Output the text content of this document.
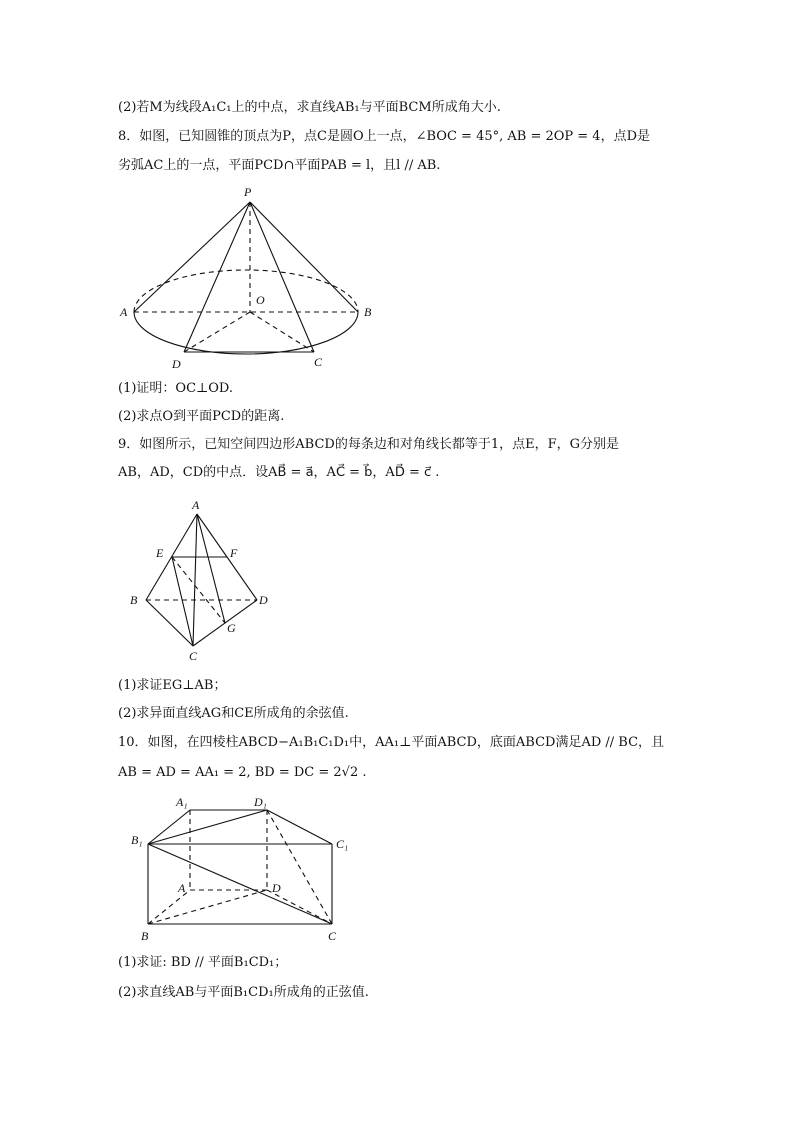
(2)若M为线段A₁C₁上的中点，求直线AB₁与平面BCM所成角大小.
8．如图，已知圆锥的顶点为P，点C是圆O上一点，∠BOC = 45°, AB = 2OP = 4，点D是
劣弧AC上的一点，平面PCD∩平面PAB = l，且l // AB.
P
O
A	B
D	C
(1)证明：OC⊥OD.
(2)求点O到平面PCD的距离.
9．如图所示，已知空间四边形ABCD的每条边和对角线长都等于1，点E，F，G分别是
AB，AD，CD的中点．设AB⃗ = a⃗，AC⃗ = b⃗，AD⃗ = c⃗ .
A
E	F
B	D
G
C
(1)求证EG⊥AB；
(2)求异面直线AG和CE所成角的余弦值.
10．如图，在四棱柱ABCD−A₁B₁C₁D₁中，AA₁⊥平面ABCD，底面ABCD满足AD // BC，且
AB = AD = AA₁ = 2, BD = DC = 2√2 .
A₁	D₁
B₁	C₁
A	D
B	C
(1)求证: BD // 平面B₁CD₁；
(2)求直线AB与平面B₁CD₁所成角的正弦值.
